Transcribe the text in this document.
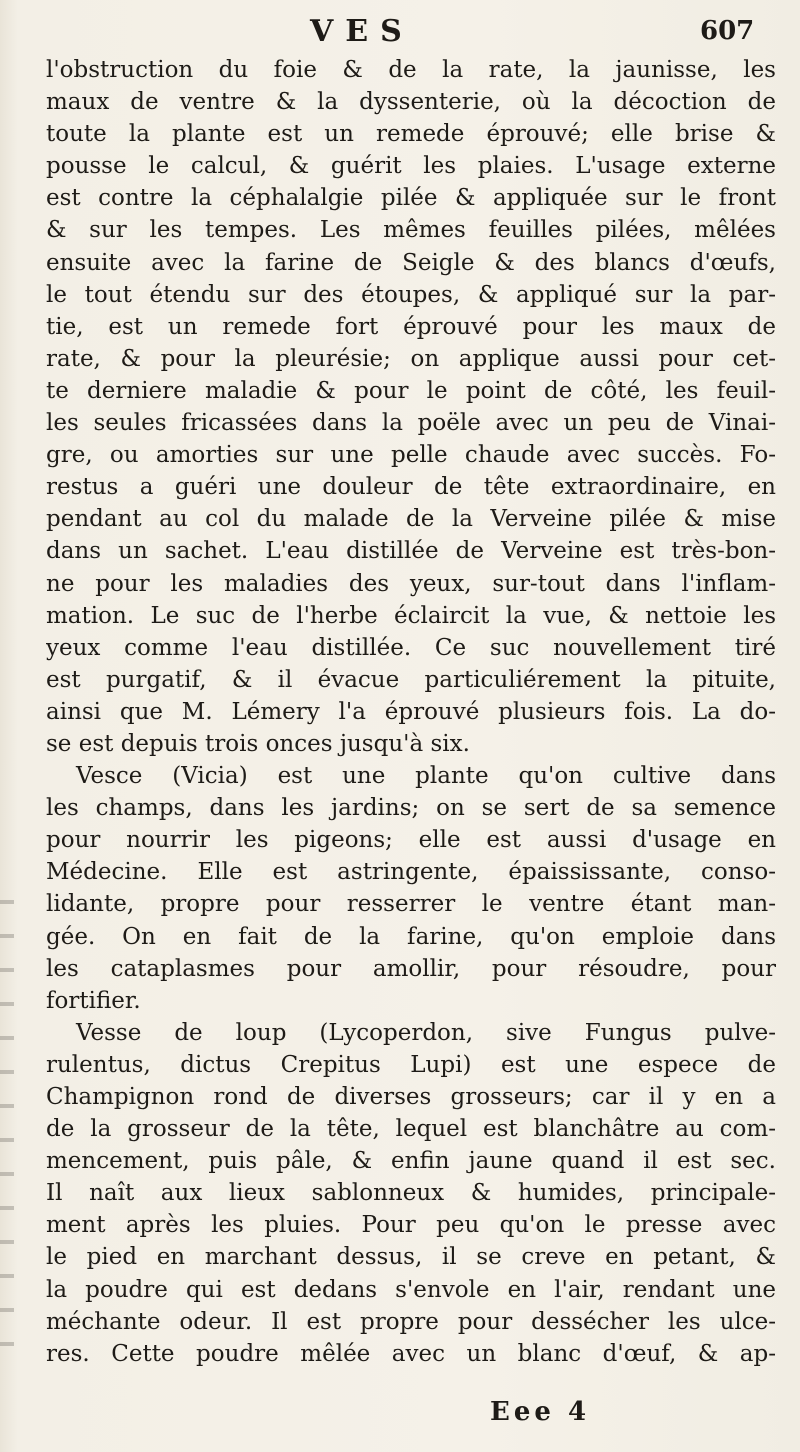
VES	607
l'obstruction du foie & de la rate, la jaunisse, les
maux de ventre & la dyssenterie, où la décoction de
toute la plante est un remede éprouvé; elle brise &
pousse le calcul, & guérit les plaies. L'usage externe
est contre la céphalalgie pilée & appliquée sur le front
& sur les tempes. Les mêmes feuilles pilées, mêlées
ensuite avec la farine de Seigle & des blancs d'œufs,
le tout étendu sur des étoupes, & appliqué sur la par-
tie, est un remede fort éprouvé pour les maux de
rate, & pour la pleurésie; on applique aussi pour cet-
te derniere maladie & pour le point de côté, les feuil-
les seules fricassées dans la poële avec un peu de Vinai-
gre, ou amorties sur une pelle chaude avec succès. Fo-
restus a guéri une douleur de tête extraordinaire, en
pendant au col du malade de la Verveine pilée & mise
dans un sachet. L'eau distillée de Verveine est très-bon-
ne pour les maladies des yeux, sur-tout dans l'inflam-
mation. Le suc de l'herbe éclaircit la vue, & nettoie les
yeux comme l'eau distillée. Ce suc nouvellement tiré
est purgatif, & il évacue particuliérement la pituite,
ainsi que M. Lémery l'a éprouvé plusieurs fois. La do-
se est depuis trois onces jusqu'à six.
Vesce (Vicia) est une plante qu'on cultive dans
les champs, dans les jardins; on se sert de sa semence
pour nourrir les pigeons; elle est aussi d'usage en
Médecine. Elle est astringente, épaississante, conso-
lidante, propre pour resserrer le ventre étant man-
gée. On en fait de la farine, qu'on emploie dans
les cataplasmes pour amollir, pour résoudre, pour
fortifier.
Vesse de loup (Lycoperdon, sive Fungus pulve-
rulentus, dictus Crepitus Lupi) est une espece de
Champignon rond de diverses grosseurs; car il y en a
de la grosseur de la tête, lequel est blanchâtre au com-
mencement, puis pâle, & enfin jaune quand il est sec.
Il naît aux lieux sablonneux & humides, principale-
ment après les pluies. Pour peu qu'on le presse avec
le pied en marchant dessus, il se creve en petant, &
la poudre qui est dedans s'envole en l'air, rendant une
méchante odeur. Il est propre pour dessécher les ulce-
res. Cette poudre mêlée avec un blanc d'œuf, & ap-
Eee 4
